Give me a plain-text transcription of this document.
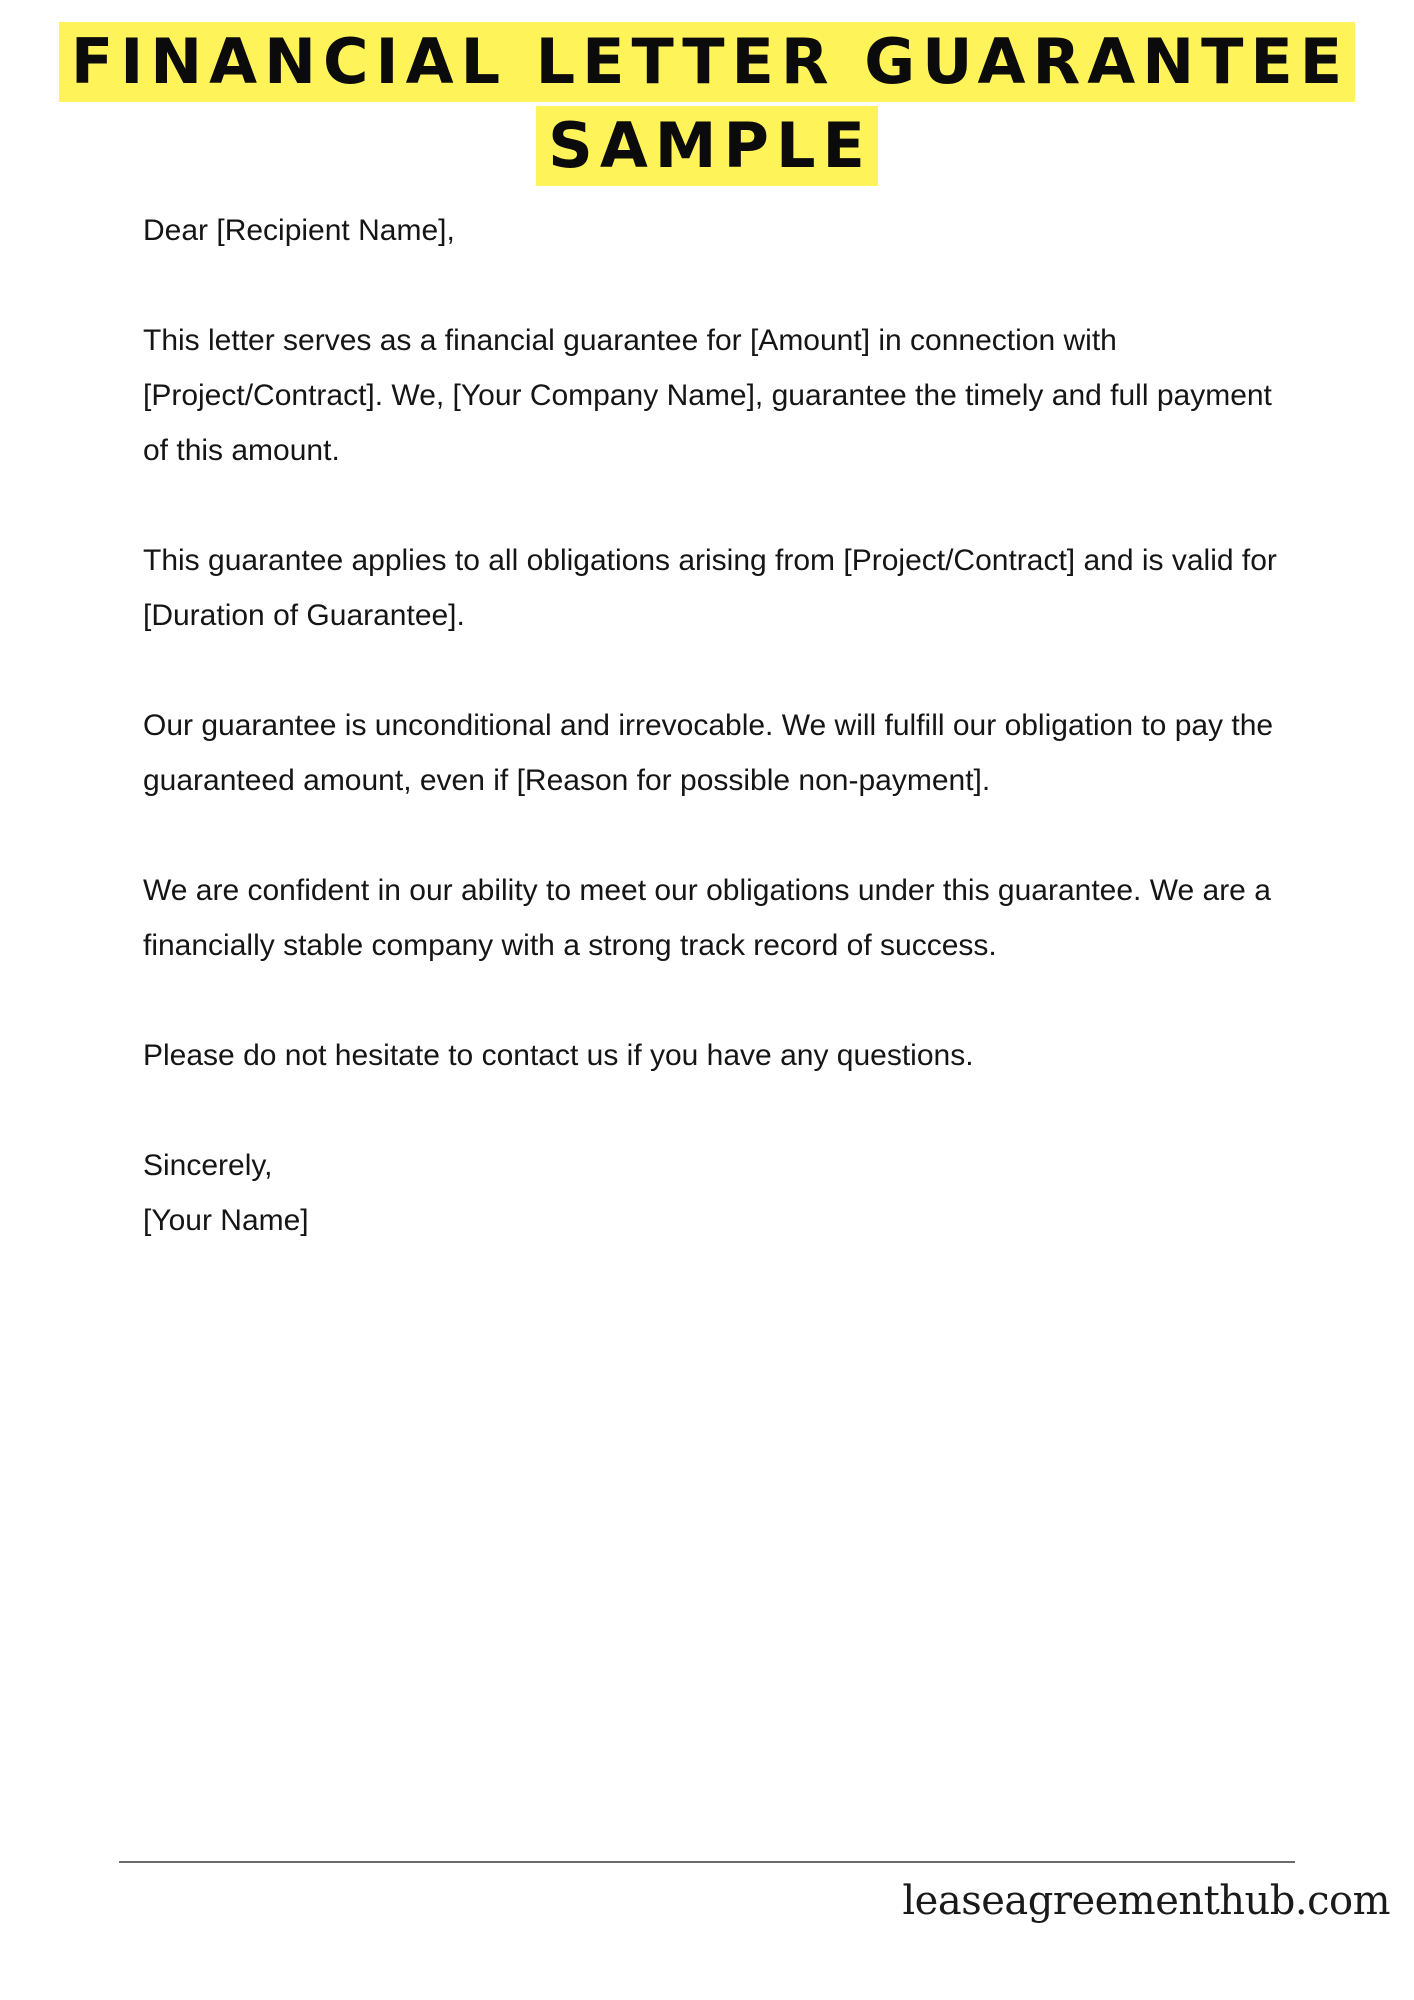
FINANCIAL LETTER GUARANTEE
SAMPLE

Dear [Recipient Name],

This letter serves as a financial guarantee for [Amount] in connection with [Project/Contract]. We, [Your Company Name], guarantee the timely and full payment of this amount.

This guarantee applies to all obligations arising from [Project/Contract] and is valid for [Duration of Guarantee].

Our guarantee is unconditional and irrevocable. We will fulfill our obligation to pay the guaranteed amount, even if [Reason for possible non-payment].

We are confident in our ability to meet our obligations under this guarantee. We are a financially stable company with a strong track record of success.

Please do not hesitate to contact us if you have any questions.

Sincerely,

[Your Name]

leaseagreementhub.com
